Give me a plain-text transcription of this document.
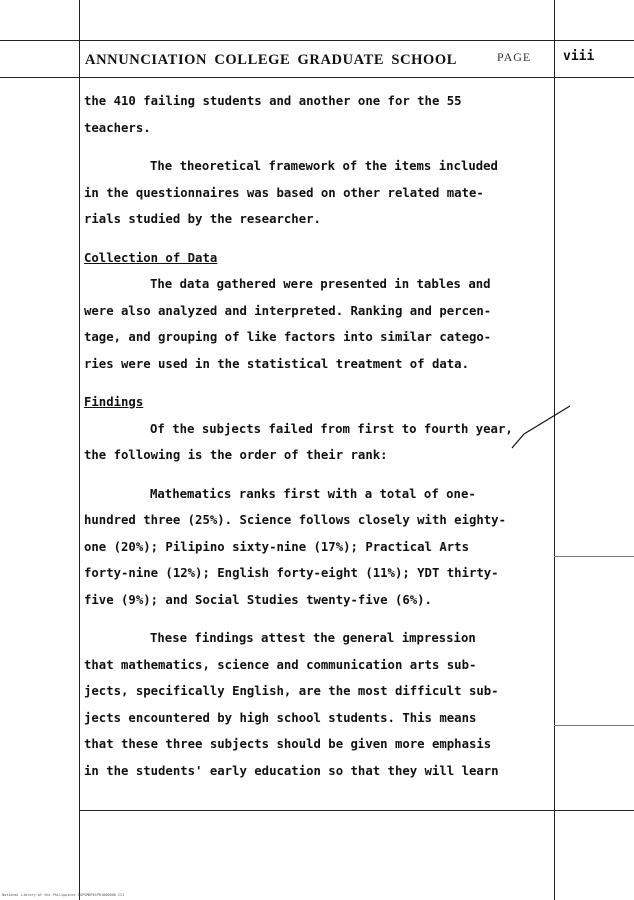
ANNUNCIATION COLLEGE GRADUATE SCHOOL	PAGE viii
the 410 failing students and another one for the 55
teachers.
The theoretical framework of the items included
in the questionnaires was based on other related mate-
rials studied by the researcher.
Collection of Data
The data gathered were presented in tables and
were also analyzed and interpreted. Ranking and percen-
tage, and grouping of like factors into similar catego-
ries were used in the statistical treatment of data.
Findings
Of the subjects failed from first to fourth year,
the following is the order of their rank:
Mathematics ranks first with a total of one-
hundred three (25%). Science follows closely with eighty-
one (20%); Pilipino sixty-nine (17%); Practical Arts
forty-nine (12%); English forty-eight (11%); YDT thirty-
five (9%); and Social Studies twenty-five (6%).
These findings attest the general impression
that mathematics, science and communication arts sub-
jects, specifically English, are the most difficult sub-
jects encountered by high school students. This means
that these three subjects should be given more emphasis
in the students' early education so that they will learn
National Library of the Philippines RGPSMBP01PH1800000 III
